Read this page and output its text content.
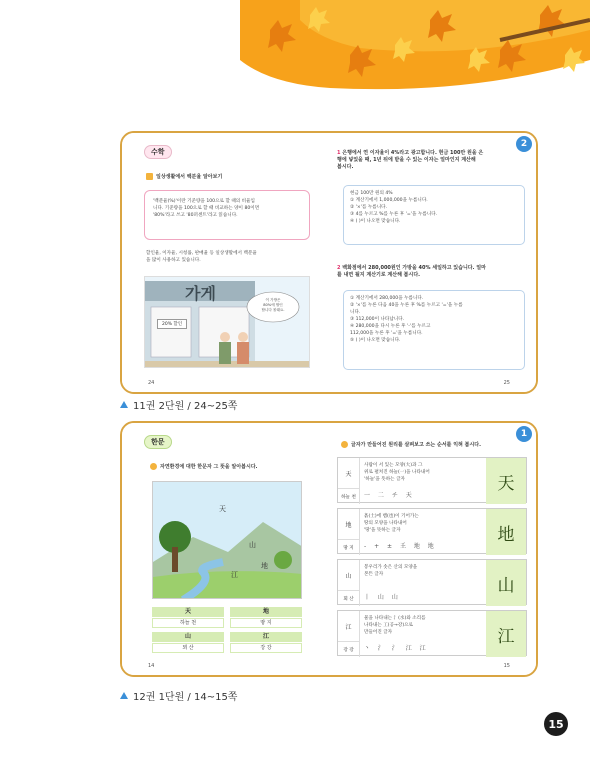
수학
일상생활에서 백분율 알아보기
'백분율(%)'이란 기준량을 100으로 할 때의 비율입
니다. 기준량을 100으로 할 때 비교하는 양이 80이면
'80%'라고 쓰고 '80퍼센트'라고 읽습니다.
할인율, 이자율, 시청률, 판매율 등 일상생활에서 백분율
을 많이 사용하고 있습니다.
가게
20% 할인
이 가방은
80%에 할인
합니다 볼래요.
24
2
1 은행에서 연 이자율이 4%라고 광고합니다. 현금 100만 원을 은
행에 넣었을 때, 1년 뒤에 받을 수 있는 이자는 얼마인지 계산해
봅시다.
현금 100만 원의 4%
① 계산기에서 1,000,000을 누릅니다.
② '×'를 누릅니다.
③ 4를 누르고 %를 누른 후 '='을 누릅니다.
④ ( )이 나오면 맞습니다.
2 백화점에서 280,000원인 가방을 40% 세일하고 있습니다. 얼마
를 내면 될지 계산기로 계산해 봅시다.
① 계산기에서 280,000을 누릅니다.
② '×'를 누른 다음 40을 누른 후 %를 누르고 '='을 누릅
니다.
③ 112,000이 나타납니다.
④ 280,000을 다시 누른 후 '-'를 누르고
112,000을 누른 후 '='을 누릅니다.
⑤ ( )이 나오면 맞습니다.
25
11권 2단원 / 24~25쪽
한문
자연환경에 대한 한문자 그 뜻을 알아봅시다.
天
山
地
江
天	地
하늘 천	땅 지
山	江
뫼 산	강 강
14
1
글자가 만들어진 원리를 살펴보고 쓰는 순서를 익혀 봅시다.
天
사람이 서 있는 모양(大)과 그
위로 펼쳐진 하늘(一)을 나타내어
'하늘'을 뜻하는 글자
하늘 천	一 二 チ 天
天
地
흙(土)에 뱀(也)이 기어가는
땅의 모양을 나타내어
'땅'을 뜻하는 글자
땅 지	- + ± 𡈼 地 地
地
山
봉우리가 솟은 산의 모양을
본뜬 글자
뫼 산	丨 山 山
山
江
물을 나타내는 氵(水)와 소리를
나타내는 工(공→강)으로
만들어진 글자
강 강	丶 氵 氵 江 江
江
15
12권 1단원 / 14~15쪽
15
